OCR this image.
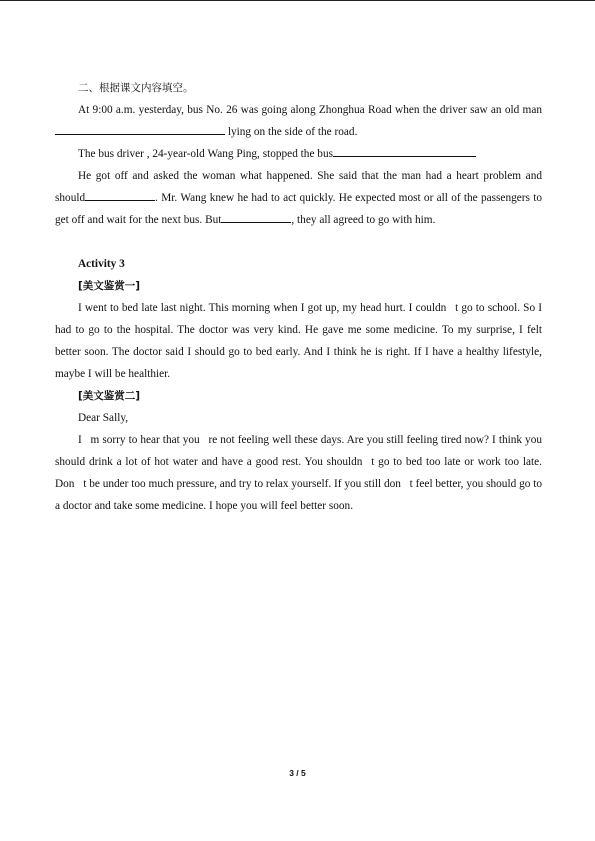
二、根据课文内容填空。

At 9:00 a.m. yesterday, bus No. 26 was going along Zhonghua Road when the driver saw an old man  lying on the side of the road.

The bus driver , 24-year-old Wang Ping, stopped the bus

He got off and asked the woman what happened. She said that the man had a heart problem and should	. Mr. Wang knew he had to act quickly. He expected most or all of the passengers to get off and wait for the next bus. But	, they all agreed to go with him.

Activity 3

[美文鉴赏一]

I went to bed late last night. This morning when I got up, my head hurt. I couldn t go to school. So I had to go to the hospital. The doctor was very kind. He gave me some medicine. To my surprise, I felt better soon. The doctor said I should go to bed early. And I think he is right. If I have a healthy lifestyle, maybe I will be healthier.

[美文鉴赏二]

Dear Sally,

I m sorry to hear that you re not feeling well these days. Are you still feeling tired now? I think you should drink a lot of hot water and have a good rest. You shouldn t go to bed too late or work too late. Don t be under too much pressure, and try to relax yourself. If you still don t feel better, you should go to a doctor and take some medicine. I hope you will feel better soon.

3 / 5
